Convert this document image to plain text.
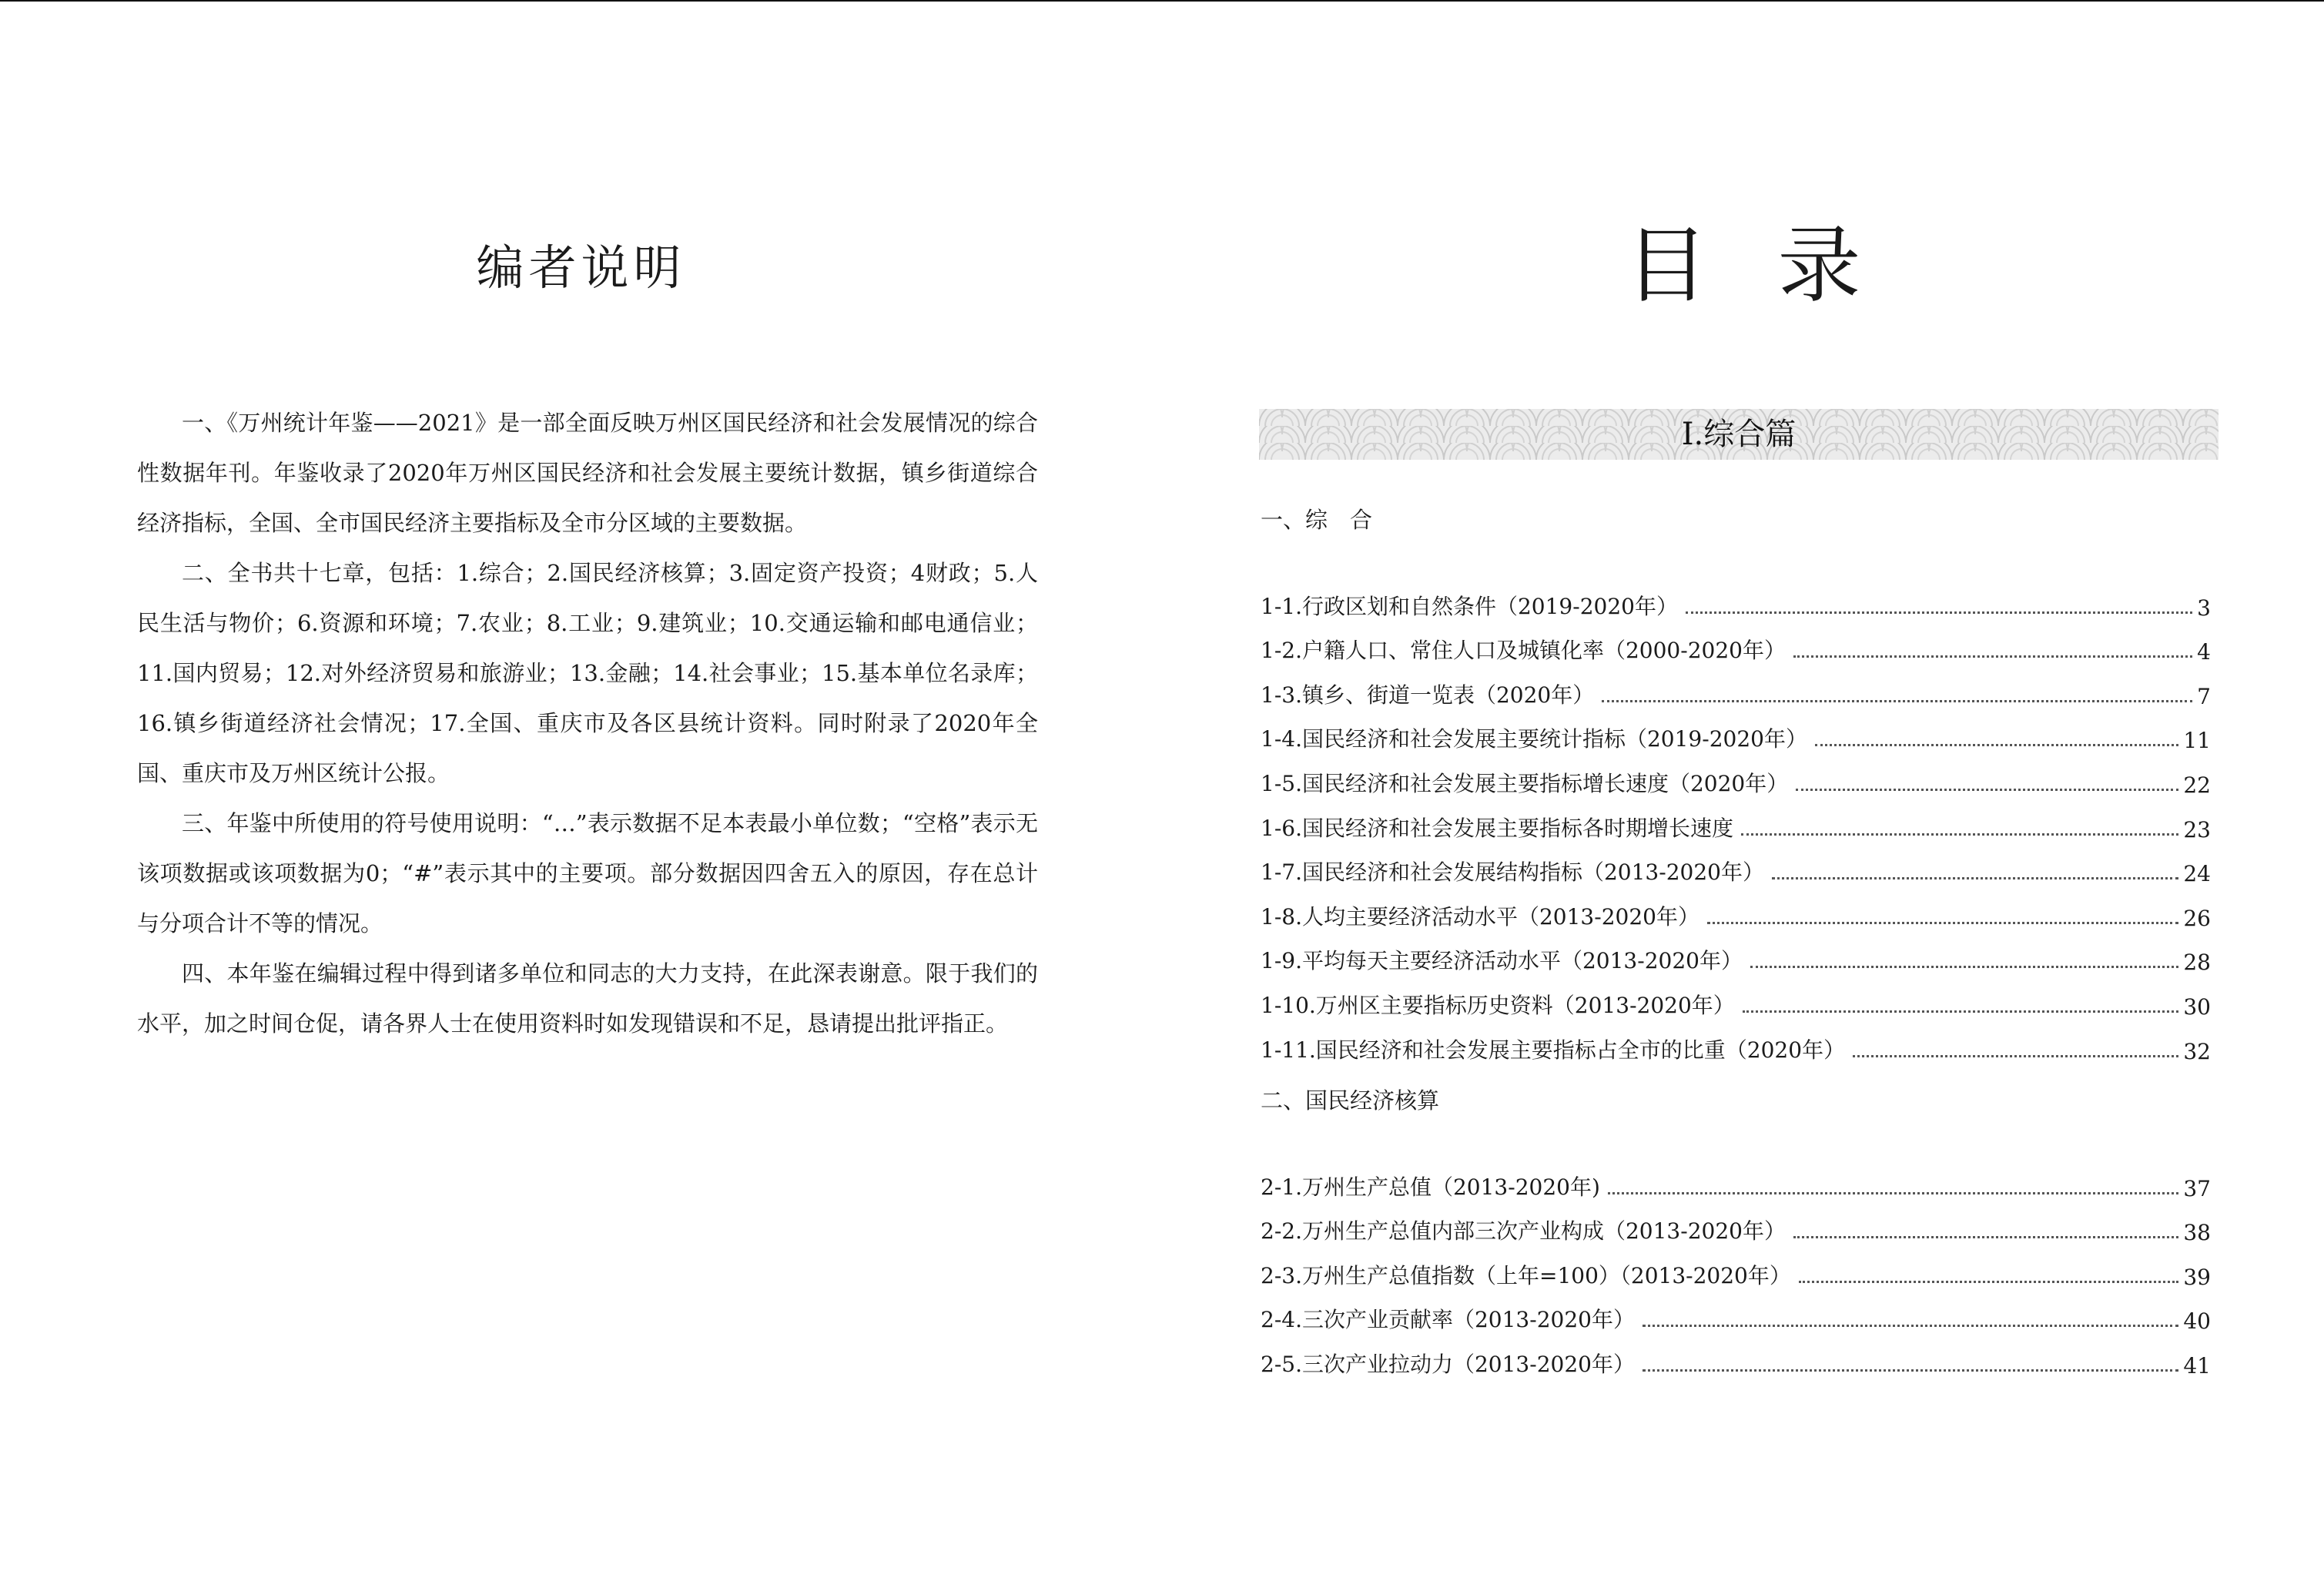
编者说明

一、《万州统计年鉴——2021》是一部全面反映万州区国民经济和社会发展情况的综合性数据年刊。年鉴收录了2020年万州区国民经济和社会发展主要统计数据，镇乡街道综合经济指标，全国、全市国民经济主要指标及全市分区域的主要数据。

二、全书共十七章，包括：1.综合；2.国民经济核算；3.固定资产投资；4财政；5.人民生活与物价；6.资源和环境；7.农业；8.工业；9.建筑业；10.交通运输和邮电通信业；11.国内贸易；12.对外经济贸易和旅游业；13.金融；14.社会事业；15.基本单位名录库；16.镇乡街道经济社会情况；17.全国、重庆市及各区县统计资料。同时附录了2020年全国、重庆市及万州区统计公报。

三、年鉴中所使用的符号使用说明：“…”表示数据不足本表最小单位数；“空格”表示无该项数据或该项数据为0；“#”表示其中的主要项。部分数据因四舍五入的原因，存在总计与分项合计不等的情况。

四、本年鉴在编辑过程中得到诸多单位和同志的大力支持，在此深表谢意。限于我们的水平，加之时间仓促，请各界人士在使用资料时如发现错误和不足，恳请提出批评指正。

目录
I.综合篇
一、综　合
1-1.行政区划和自然条件（2019-2020年）	3
1-2.户籍人口、常住人口及城镇化率（2000-2020年）	4
1-3.镇乡、街道一览表（2020年）	7
1-4.国民经济和社会发展主要统计指标（2019-2020年）	11
1-5.国民经济和社会发展主要指标增长速度（2020年）	22
1-6.国民经济和社会发展主要指标各时期增长速度	23
1-7.国民经济和社会发展结构指标（2013-2020年）	24
1-8.人均主要经济活动水平（2013-2020年）	26
1-9.平均每天主要经济活动水平（2013-2020年）	28
1-10.万州区主要指标历史资料（2013-2020年）	30
1-11.国民经济和社会发展主要指标占全市的比重（2020年）	32
二、国民经济核算
2-1.万州生产总值（2013-2020年)	37
2-2.万州生产总值内部三次产业构成（2013-2020年）	38
2-3.万州生产总值指数（上年=100）（2013-2020年）	39
2-4.三次产业贡献率（2013-2020年）	40
2-5.三次产业拉动力（2013-2020年）	41
